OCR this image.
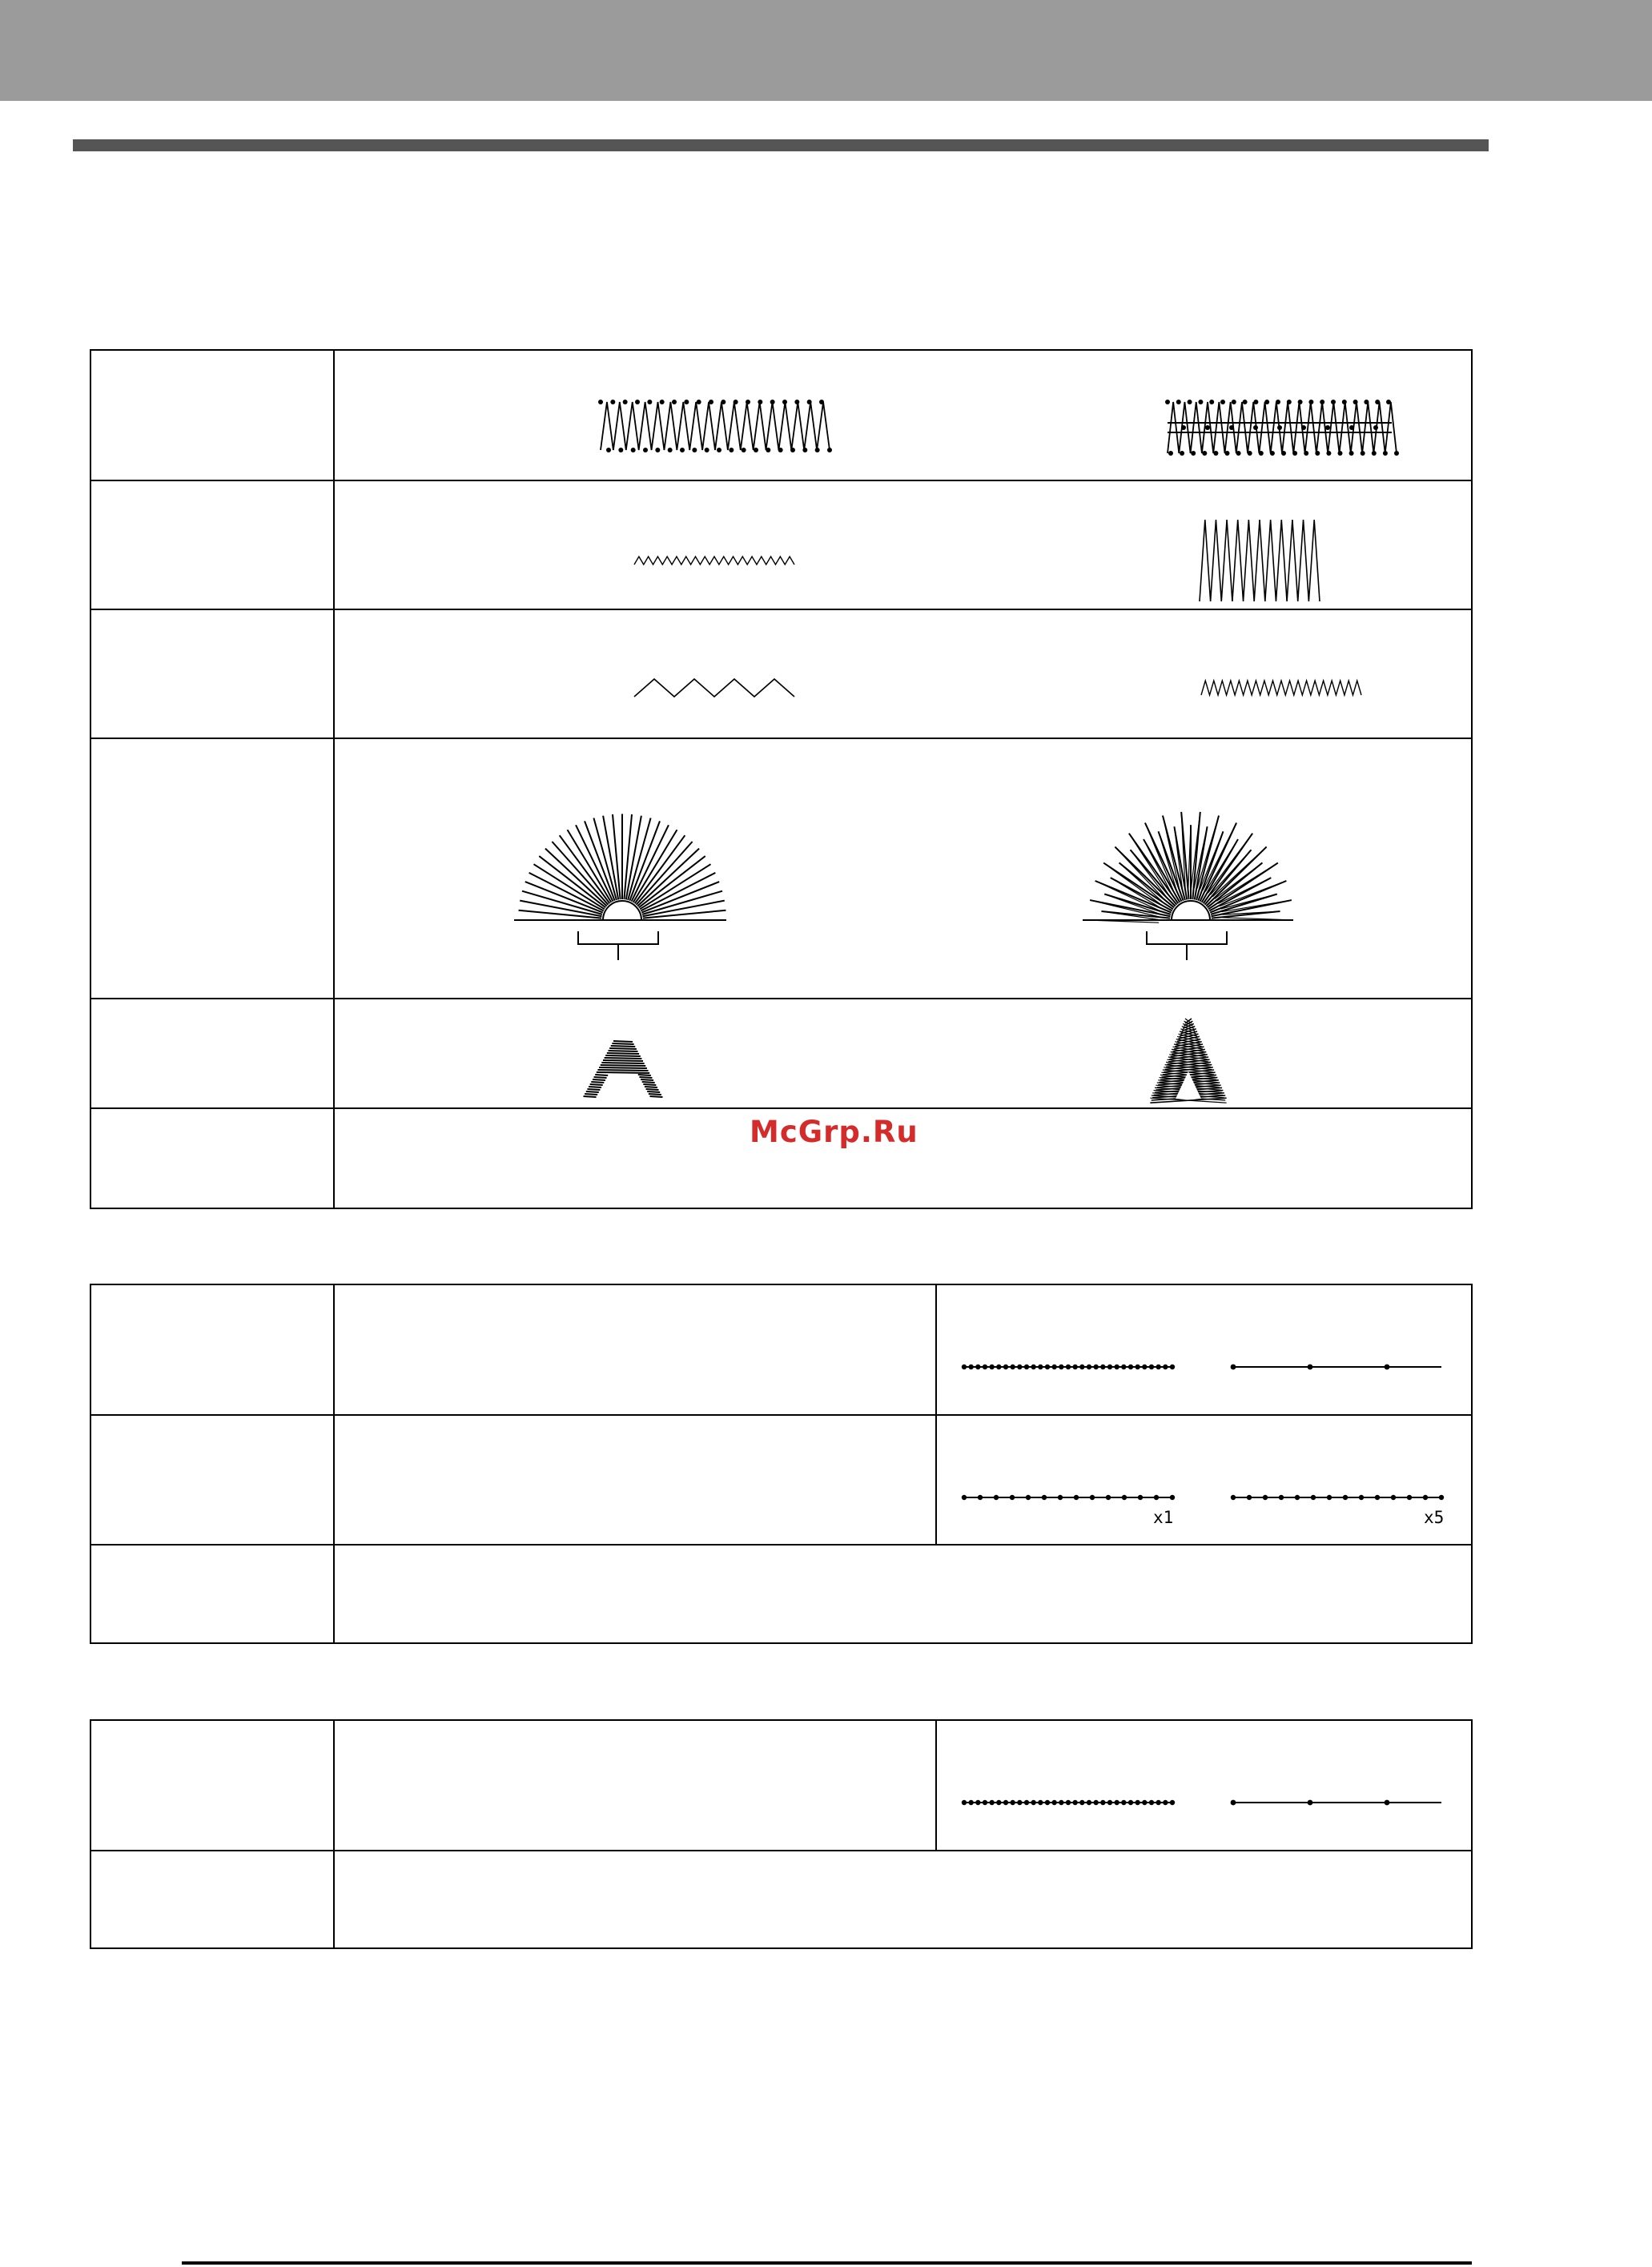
McGrp.Ru
x1	x5
